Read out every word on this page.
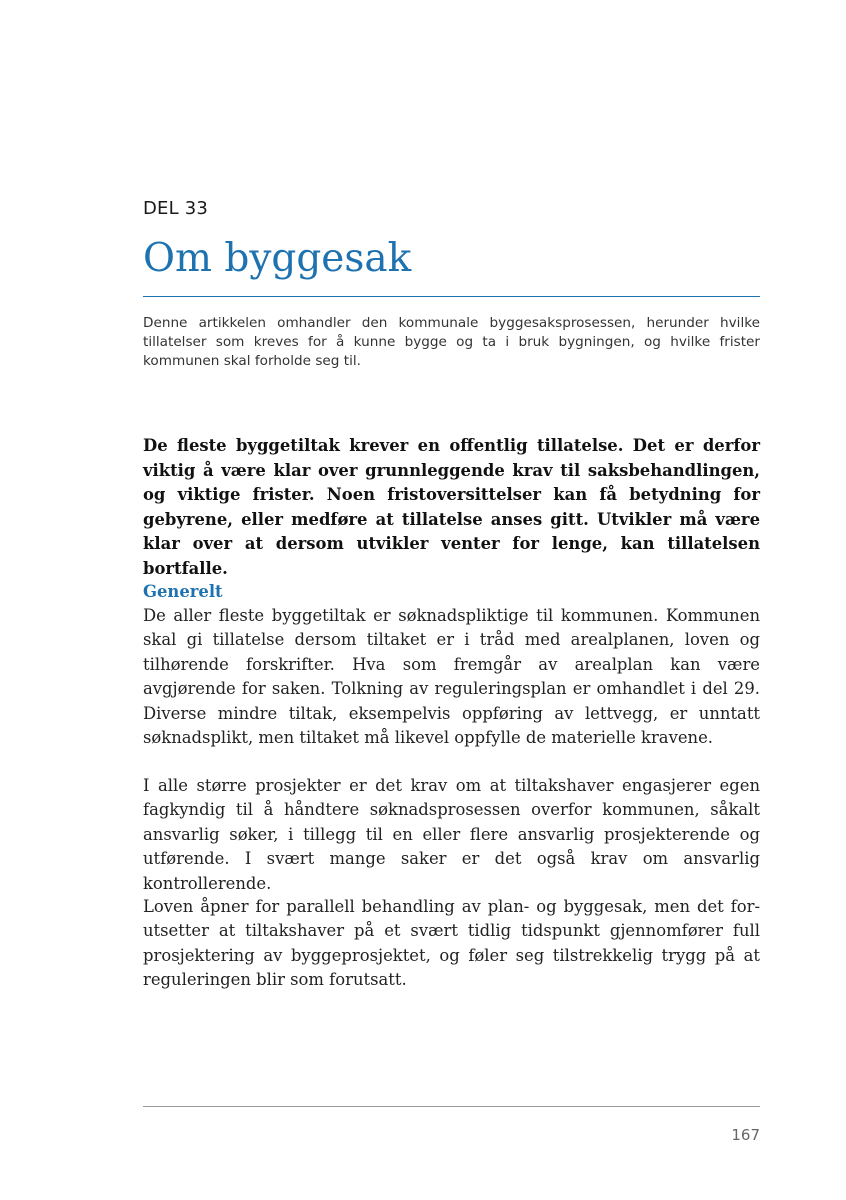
DEL 33
Om byggesak

Denne artikkelen omhandler den kommunale byggesaksprosessen, herunder hvilke tillatelser som kreves for å kunne bygge og ta i bruk bygningen, og hvilke frister kommunen skal forholde seg til.

De fleste byggetiltak krever en offentlig tillatelse. Det er derfor viktig å være klar over grunnleggende krav til saksbehandlingen, og viktige frister. Noen fristoversittelser kan få betydning for gebyrene, eller medføre at tillatelse anses gitt. Utvikler må være klar over at dersom utvikler venter for lenge, kan tillatelsen bortfalle.

Generelt

De aller fleste byggetiltak er søknadspliktige til kommunen. Kommunen skal gi tillatelse dersom tiltaket er i tråd med arealplanen, loven og tilhørende forskrifter. Hva som fremgår av arealplan kan være avgjørende for saken. Tolkning av reguleringsplan er omhandlet i del 29. Diverse mindre tiltak, eksempelvis oppføring av lettvegg, er unntatt søknadsplikt, men tiltaket må likevel oppfylle de materielle kravene.

I alle større prosjekter er det krav om at tiltakshaver engasjerer egen fagkyndig til å håndtere søknadsprosessen overfor kommunen, såkalt ansvarlig søker, i tillegg til en eller flere ansvarlig prosjekterende og utførende. I svært mange saker er det også krav om ansvarlig kontrollerende.

Loven åpner for parallell behandling av plan- og byggesak, men det forutsetter at tiltakshaver på et svært tidlig tidspunkt gjennomfører full prosjektering av byggeprosjektet, og føler seg tilstrekkelig trygg på at reguleringen blir som forutsatt.

167
